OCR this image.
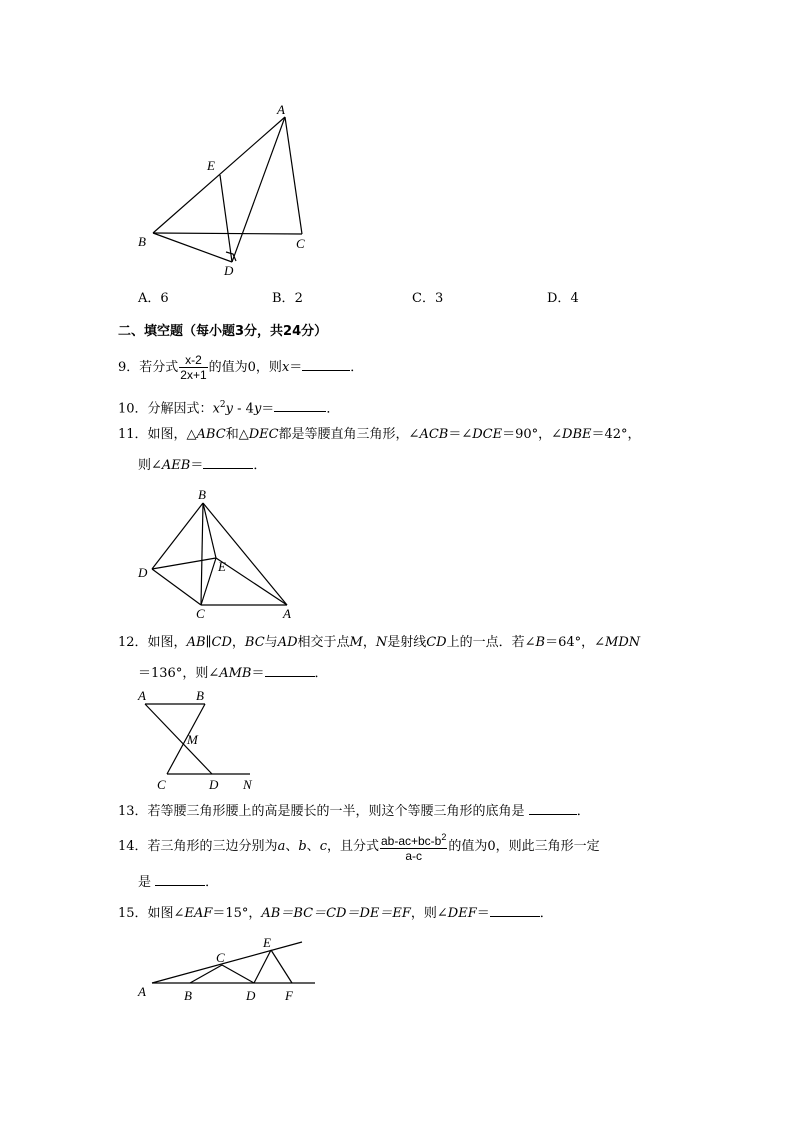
A
E
B	C
D
A．6	B．2	C．3	D．4
二、填空题（每小题3分，共24分）
9．若分式 $\frac{x-2}{2x+1}$ 的值为0，则x＝	．
10．分解因式：$x^2y - 4y=$	．
11．如图，△ABC和△DEC都是等腰直角三角形，∠ACB＝∠DCE＝90°，∠DBE＝42°，
则∠AEB＝	．
B
D	E
C	A
12．如图，AB∥CD，BC与AD相交于点M，N是射线CD上的一点．若∠B＝64°，∠MDN
＝136°，则∠AMB＝	．
A	B
M
C	D N
13．若等腰三角形腰上的高是腰长的一半，则这个等腰三角形的底角是	．
14．若三角形的三边分别为a、b、c，且分式 $\frac{ab-ac+bc-b^2}{a-c}$ 的值为0，则此三角形一定
是	．
15．如图∠EAF＝15°，AB＝BC＝CD＝DE＝EF，则∠DEF＝	．
A	B
C
D
E
F
